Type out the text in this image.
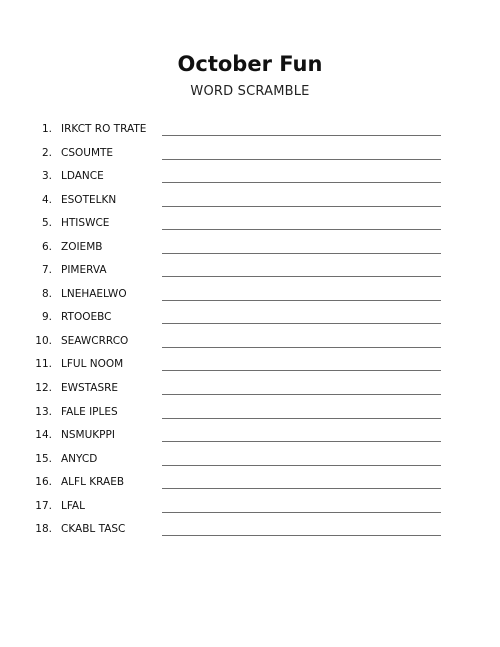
October Fun
WORD SCRAMBLE
1. IRKCT RO TRATE
2. CSOUMTE
3. LDANCE
4. ESOTELKN
5. HTISWCE
6. ZOIEMB
7. PIMERVA
8. LNEHAELWO
9. RTOOEBC
10. SEAWCRRCO
11. LFUL NOOM
12. EWSTASRE
13. FALE IPLES
14. NSMUKPPI
15. ANYCD
16. ALFL KRAEB
17. LFAL
18. CKABL TASC
